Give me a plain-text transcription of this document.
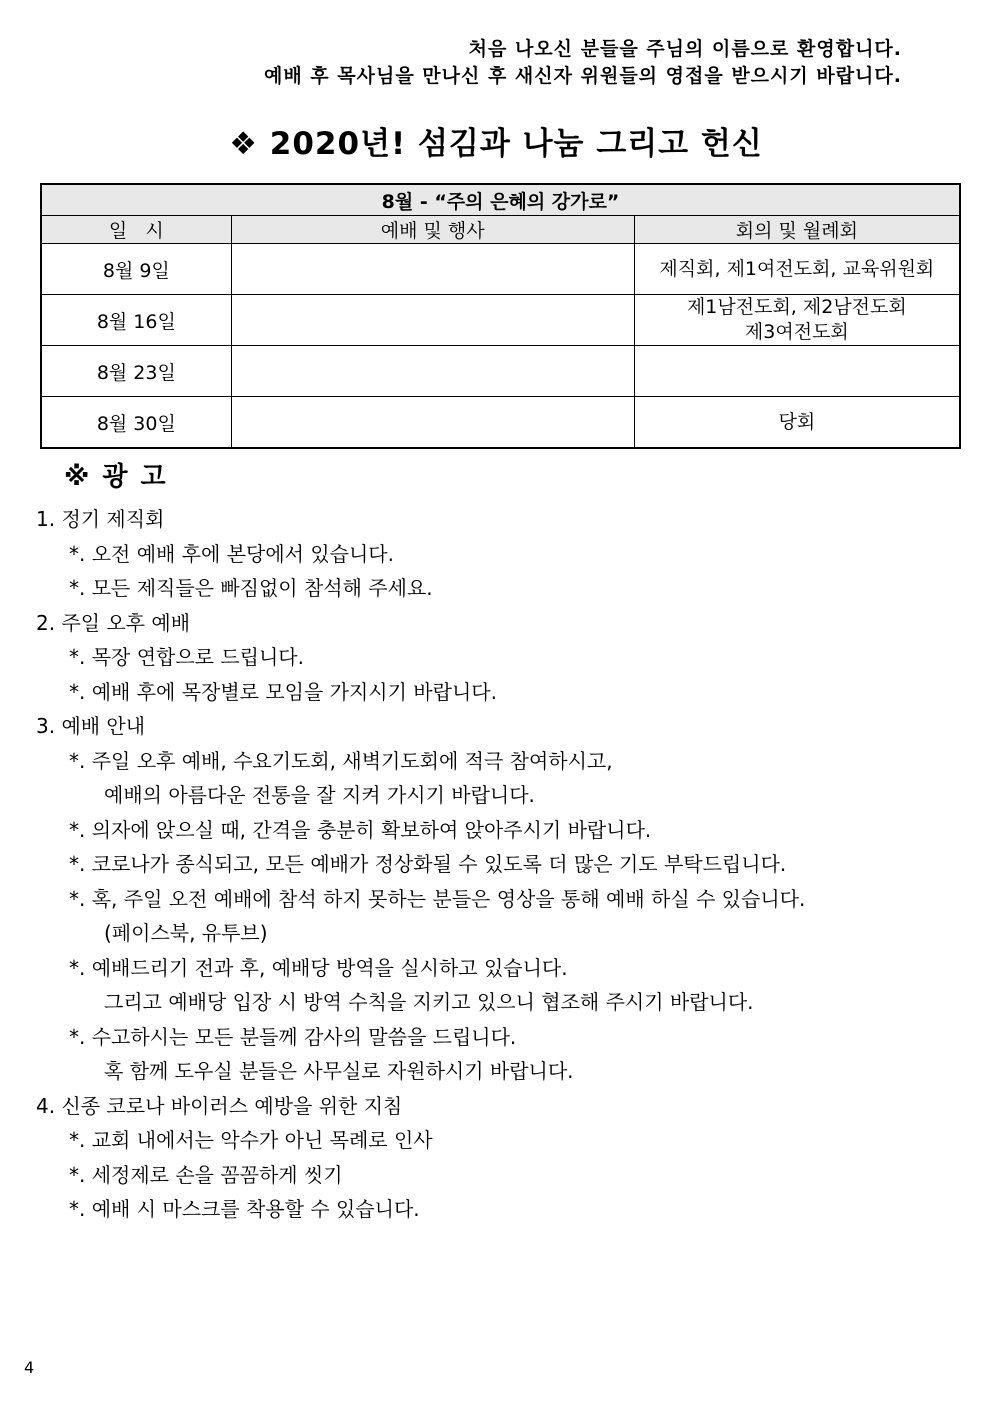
처음 나오신 분들을 주님의 이름으로 환영합니다.
예배 후 목사님을 만나신 후 새신자 위원들의 영접을 받으시기 바랍니다.
❖ 2020년! 섬김과 나눔 그리고 헌신
8월 - “주의 은혜의 강가로”		
일   시	예배 및 행사	회의 및 월례회
8월 9일		제직회, 제1여전도회, 교육위원회

8월 16일		제1남전도회, 제2남전도회
제3여전도회

8월 23일		

8월 30일		당회
※ 광 고
1. 정기 제직회
*. 오전 예배 후에 본당에서 있습니다.
*. 모든 제직들은 빠짐없이 참석해 주세요.
2. 주일 오후 예배
*. 목장 연합으로 드립니다.
*. 예배 후에 목장별로 모임을 가지시기 바랍니다.
3. 예배 안내
*. 주일 오후 예배, 수요기도회, 새벽기도회에 적극 참여하시고,
예배의 아름다운 전통을 잘 지켜 가시기 바랍니다.
*. 의자에 앉으실 때, 간격을 충분히 확보하여 앉아주시기 바랍니다.
*. 코로나가 종식되고, 모든 예배가 정상화될 수 있도록 더 많은 기도 부탁드립니다.
*. 혹, 주일 오전 예배에 참석 하지 못하는 분들은 영상을 통해 예배 하실 수 있습니다.
(페이스북, 유투브)
*. 예배드리기 전과 후, 예배당 방역을 실시하고 있습니다.
그리고 예배당 입장 시 방역 수칙을 지키고 있으니 협조해 주시기 바랍니다.
*. 수고하시는 모든 분들께 감사의 말씀을 드립니다.
혹 함께 도우실 분들은 사무실로 자원하시기 바랍니다.
4. 신종 코로나 바이러스 예방을 위한 지침
*. 교회 내에서는 악수가 아닌 목례로 인사
*. 세정제로 손을 꼼꼼하게 씻기
*. 예배 시 마스크를 착용할 수 있습니다.
4
